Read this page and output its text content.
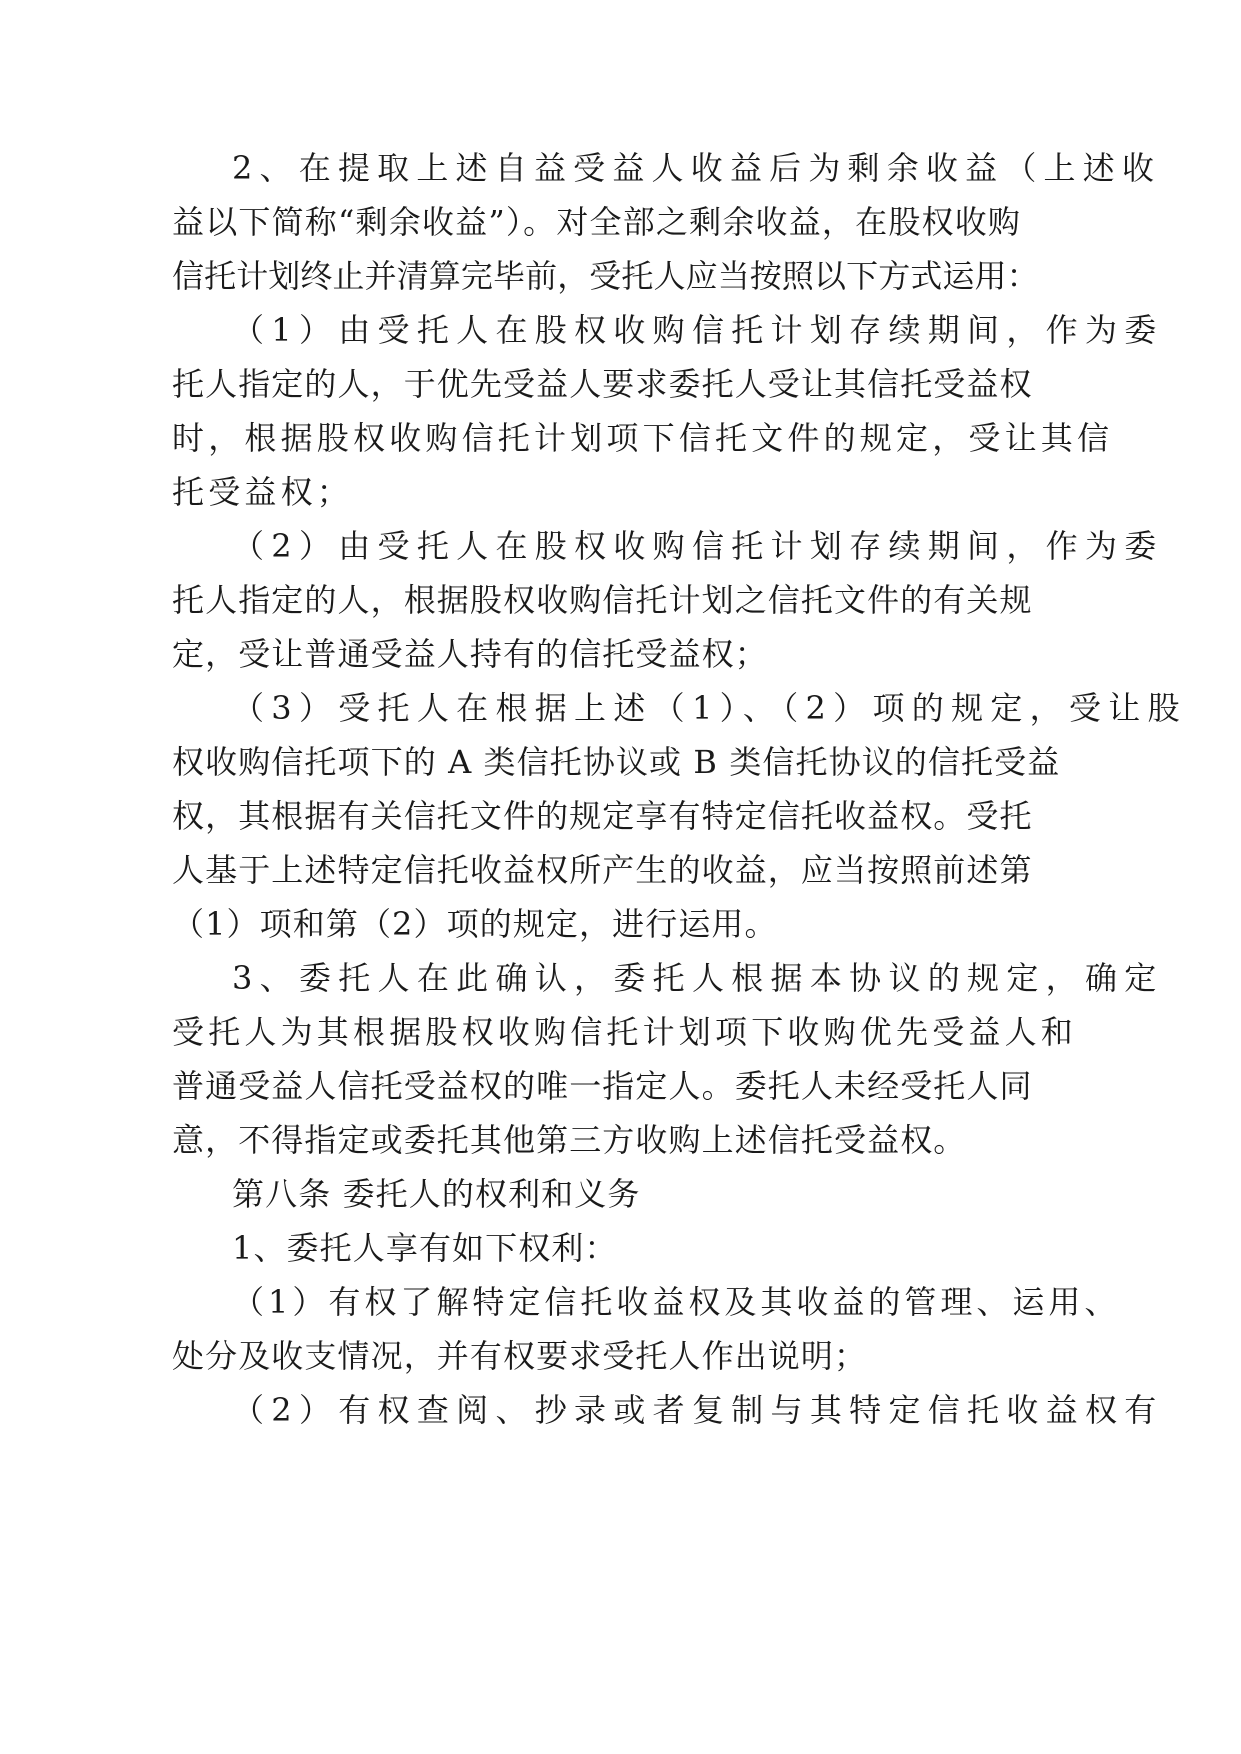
2、在提取上述自益受益人收益后为剩余收益（上述收
益以下简称“剩余收益”）。对全部之剩余收益，在股权收购
信托计划终止并清算完毕前，受托人应当按照以下方式运用：
（1）由受托人在股权收购信托计划存续期间，作为委
托人指定的人，于优先受益人要求委托人受让其信托受益权
时，根据股权收购信托计划项下信托文件的规定，受让其信
托受益权；
（2）由受托人在股权收购信托计划存续期间，作为委
托人指定的人，根据股权收购信托计划之信托文件的有关规
定，受让普通受益人持有的信托受益权；
（3）受托人在根据上述（1）、（2）项的规定，受让股
权收购信托项下的 A 类信托协议或 B 类信托协议的信托受益
权，其根据有关信托文件的规定享有特定信托收益权。受托
人基于上述特定信托收益权所产生的收益，应当按照前述第
（1）项和第（2）项的规定，进行运用。
3、委托人在此确认，委托人根据本协议的规定，确定
受托人为其根据股权收购信托计划项下收购优先受益人和
普通受益人信托受益权的唯一指定人。委托人未经受托人同
意，不得指定或委托其他第三方收购上述信托受益权。
第八条 委托人的权利和义务
1、委托人享有如下权利：
（1）有权了解特定信托收益权及其收益的管理、运用、
处分及收支情况，并有权要求受托人作出说明；
（2）有权查阅、抄录或者复制与其特定信托收益权有
